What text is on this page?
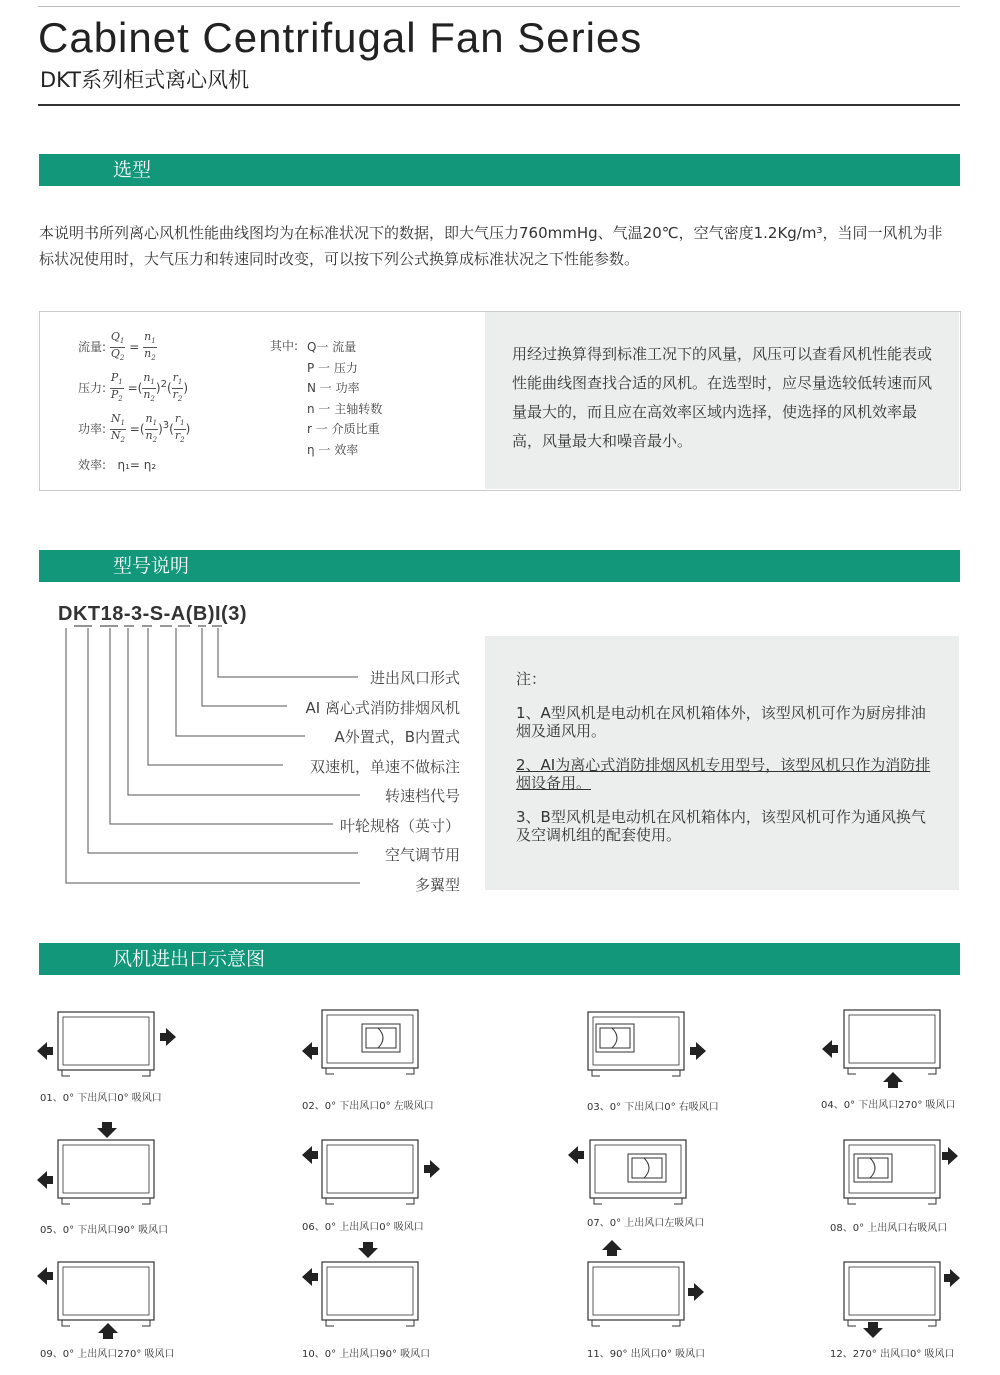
Cabinet Centrifugal Fan Series
DKT系列柜式离心风机
选型
本说明书所列离心风机性能曲线图均为在标准状况下的数据，即大气压力760mmHg、气温20℃，空气密度1.2Kg/m³，当同一风机为非标状况使用时，大气压力和转速同时改变，可以按下列公式换算成标准状况之下性能参数。
用经过换算得到标准工况下的风量，风压可以查看风机性能表或性能曲线图查找合适的风机。在选型时，应尽量选较低转速而风量最大的，而且应在高效率区域内选择，使选择的风机效率最高，风量最大和噪音最小。
流量: $\frac{Q_1}{Q_2} = \frac{n_1}{n_2}$
压力: $\frac{P_1}{P_2}$ =( $\frac{n_1}{n_2} )^2( \frac{r_1}{r_2}$ )
功率: $\frac{N_1}{N_2}$ =( $\frac{n_1}{n_2} )^3( \frac{r_1}{r_2}$ )
效率: η₁= η₂
其中: Q一 流量
P 一 压力
N 一 功率
n 一 主轴转数
r 一 介质比重
η 一 效率
型号说明
DKT18-3-S-A(B)I(3)
进出风口形式
AI 离心式消防排烟风机
A外置式，B内置式
双速机，单速不做标注
转速档代号
叶轮规格（英寸）
空气调节用
多翼型
注：
1、A型风机是电动机在风机箱体外，该型风机可作为厨房排油烟及通风用。
2、AI为离心式消防排烟风机专用型号，该型风机只作为消防排烟设备用。
3、B型风机是电动机在风机箱体内，该型风机可作为通风换气及空调机组的配套使用。
风机进出口示意图
01、0° 下出风口0° 吸风口
02、0° 下出风口0° 左吸风口	03、0° 下出风口0° 右吸风口	04、0° 下出风口270° 吸风口
05、0° 下出风口90° 吸风口	06、0° 上出风口0° 吸风口	07、0° 上出风口左吸风口	08、0° 上出风口右吸风口
09、0° 上出风口270° 吸风口	10、0° 上出风口90° 吸风口	11、90° 出风口0° 吸风口	12、270° 出风口0° 吸风口
